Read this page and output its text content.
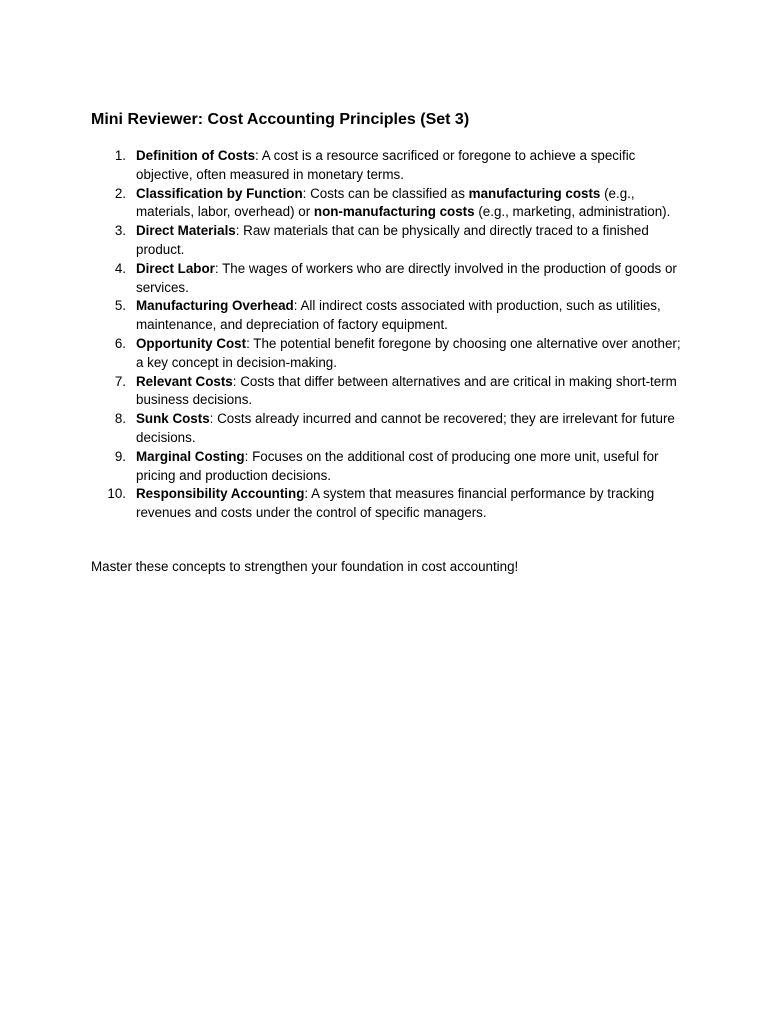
Mini Reviewer: Cost Accounting Principles (Set 3)
1. Definition of Costs: A cost is a resource sacrificed or foregone to achieve a specific objective, often measured in monetary terms.
2. Classification by Function: Costs can be classified as manufacturing costs (e.g., materials, labor, overhead) or non-manufacturing costs (e.g., marketing, administration).
3. Direct Materials: Raw materials that can be physically and directly traced to a finished product.
4. Direct Labor: The wages of workers who are directly involved in the production of goods or services.
5. Manufacturing Overhead: All indirect costs associated with production, such as utilities, maintenance, and depreciation of factory equipment.
6. Opportunity Cost: The potential benefit foregone by choosing one alternative over another; a key concept in decision-making.
7. Relevant Costs: Costs that differ between alternatives and are critical in making short-term business decisions.
8. Sunk Costs: Costs already incurred and cannot be recovered; they are irrelevant for future decisions.
9. Marginal Costing: Focuses on the additional cost of producing one more unit, useful for pricing and production decisions.
10. Responsibility Accounting: A system that measures financial performance by tracking revenues and costs under the control of specific managers.

Master these concepts to strengthen your foundation in cost accounting!
